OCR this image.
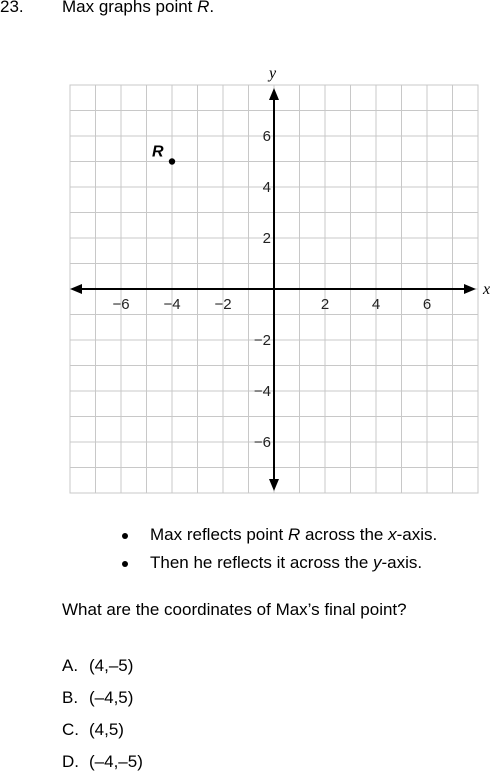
23. Max graphs point R.
x
y
−6 −4 −2	2	4	6
6
4
2
−2
−4
−6
R
Max reflects point R across the x-axis.
Then he reflects it across the y-axis.
What are the coordinates of Max’s final point?
A. (4,–5)
B. (–4,5)
C. (4,5)
D. (–4,–5)
